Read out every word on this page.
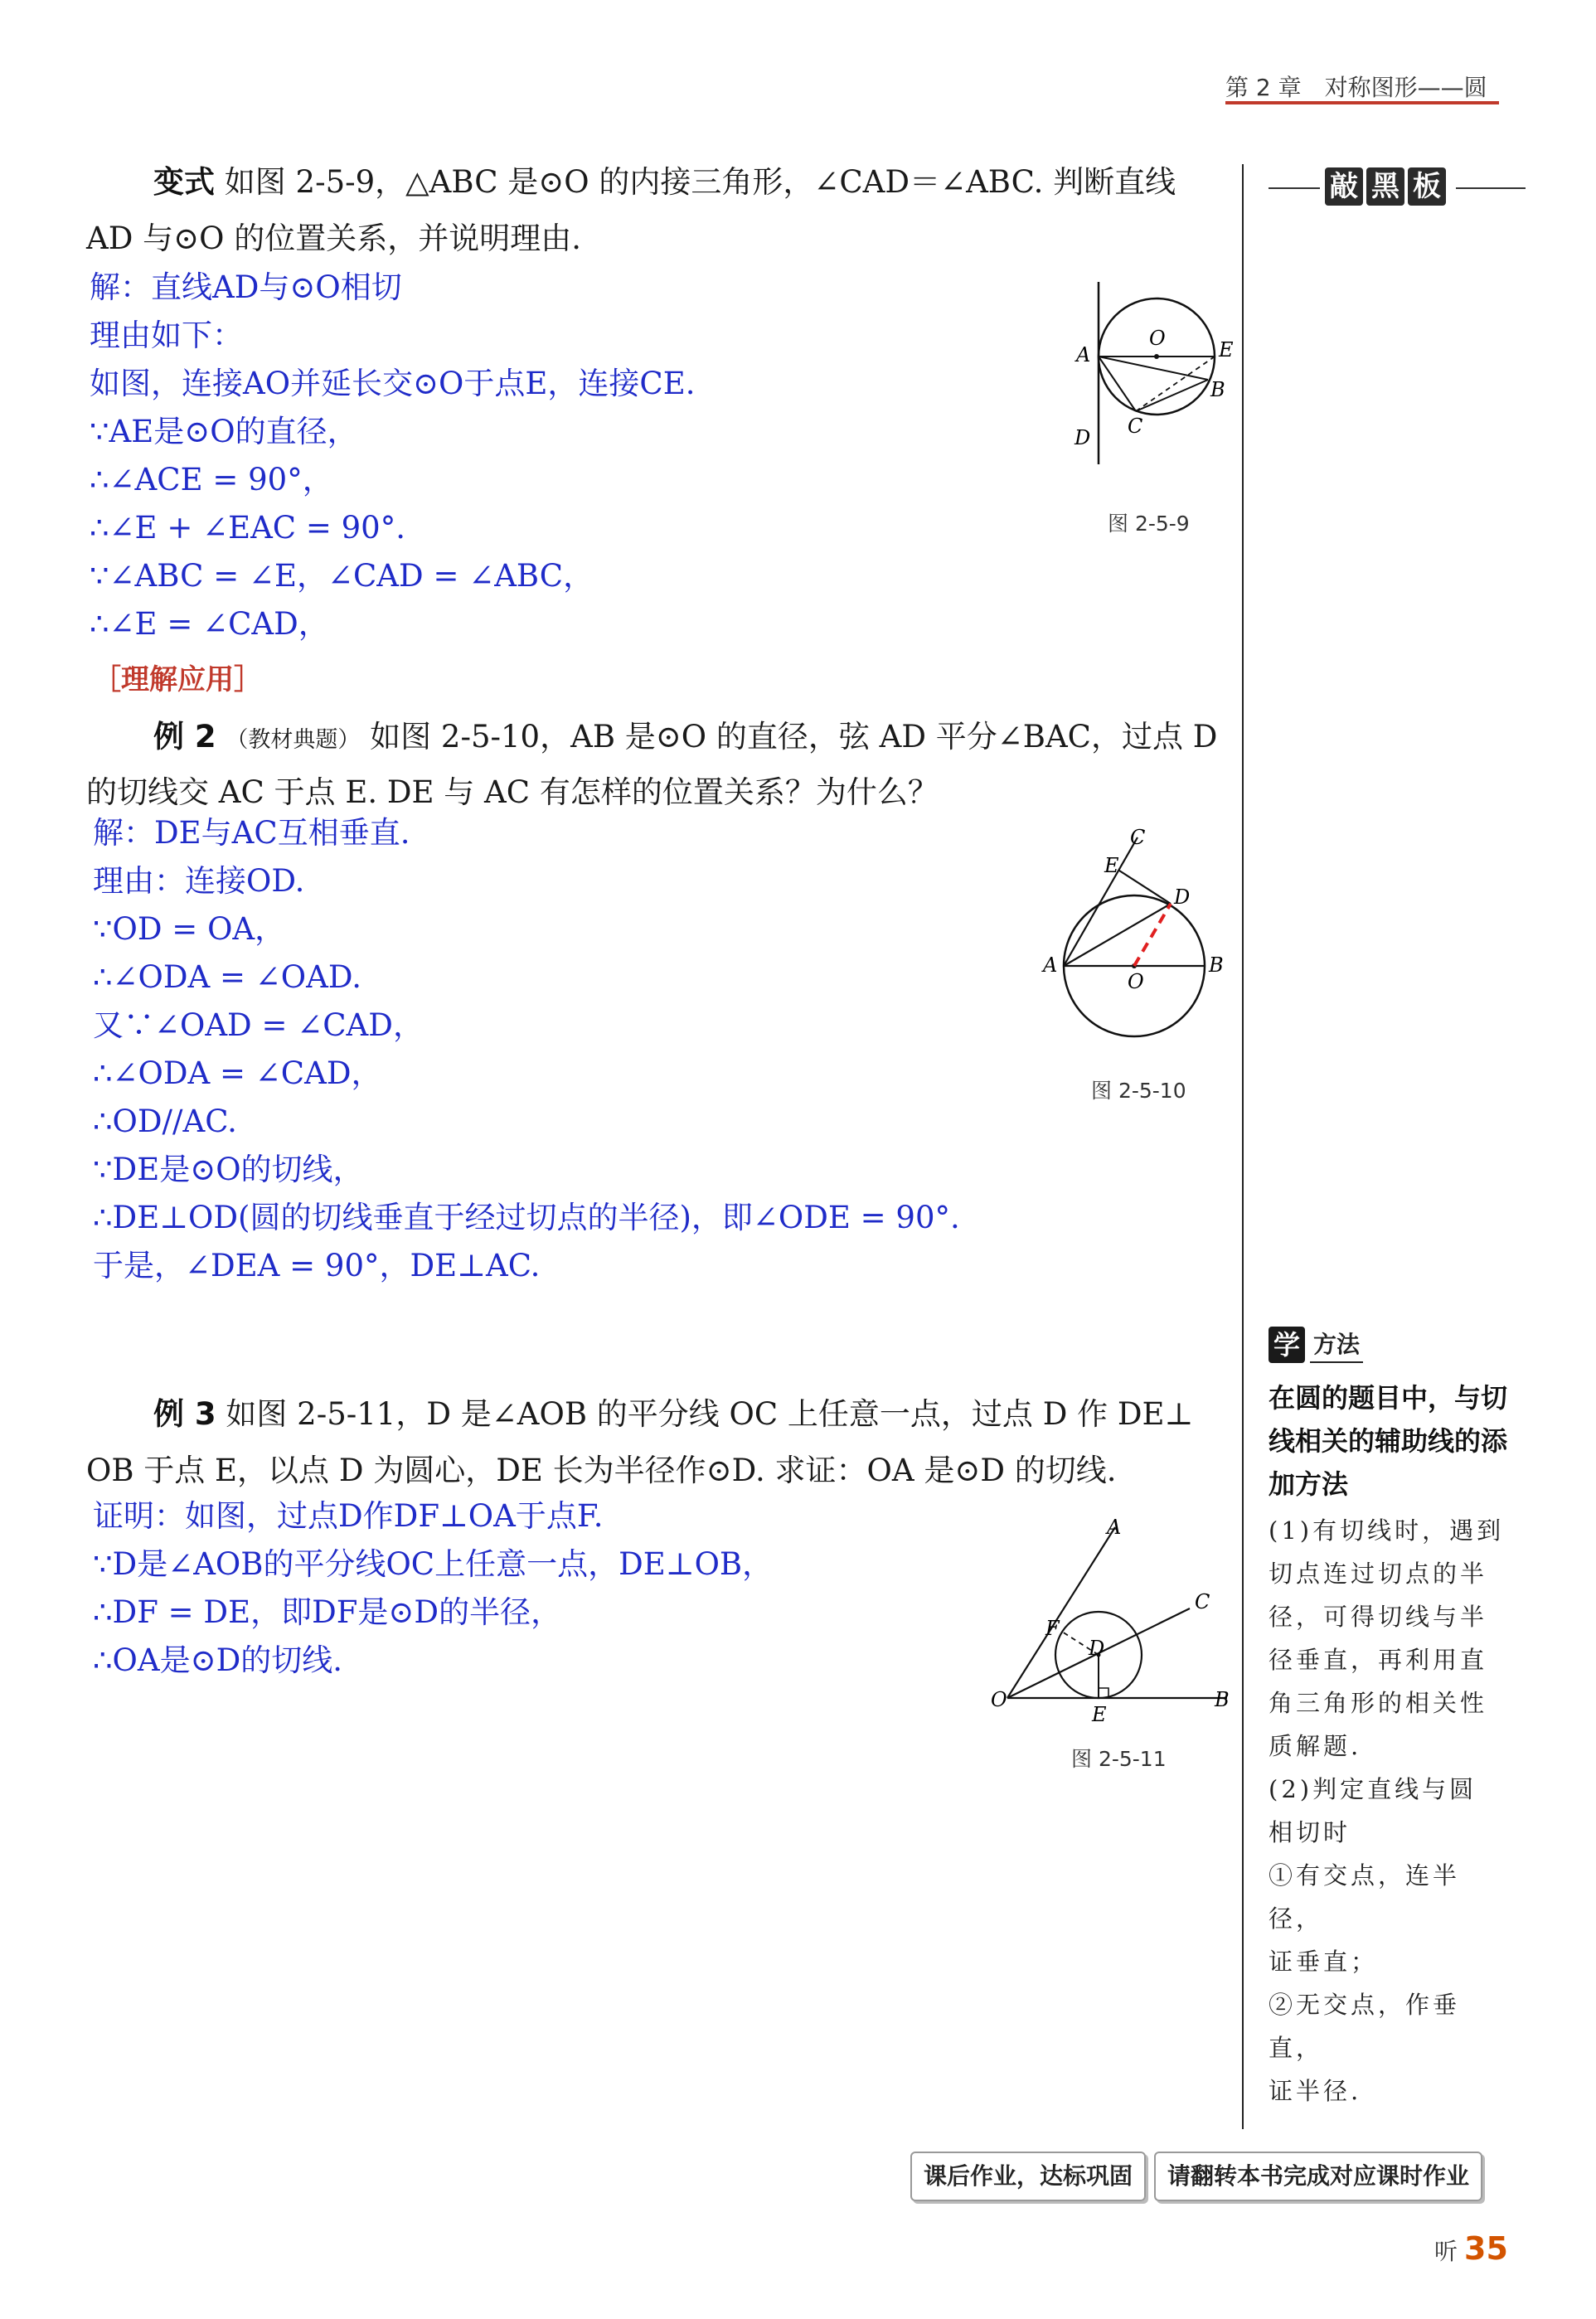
第 2 章　对称图形——圆
敲 黑 板
变式 如图 2-5-9，△ABC 是⊙O 的内接三角形，∠CAD＝∠ABC. 判断直线
AD 与⊙O 的位置关系，并说明理由.
解：直线AD与⊙O相切
理由如下：
如图，连接AO并延长交⊙O于点E，连接CE.
∵AE是⊙O的直径，
∴∠ACE = 90°，
∴∠E + ∠EAC = 90°.
∵∠ABC = ∠E，∠CAD = ∠ABC，
∴∠E = ∠CAD，
A
O	E
B
C
D
图 2-5-9
［理解应用］
例 2 （教材典题） 如图 2-5-10，AB 是⊙O 的直径，弦 AD 平分∠BAC，过点 D
的切线交 AC 于点 E. DE 与 AC 有怎样的位置关系？为什么？
解：DE与AC互相垂直.
理由：连接OD.
∵OD = OA，
∴∠ODA = ∠OAD.
又∵∠OAD = ∠CAD，
∴∠ODA = ∠CAD，
∴OD//AC.
∵DE是⊙O的切线，
∴DE⊥OD(圆的切线垂直于经过切点的半径)，即∠ODE = 90°.
于是，∠DEA = 90°，DE⊥AC.
C
E
D
A
O
B
图 2-5-10
例 3 如图 2-5-11，D 是∠AOB 的平分线 OC 上任意一点，过点 D 作 DE⊥
OB 于点 E，以点 D 为圆心，DE 长为半径作⊙D. 求证：OA 是⊙D 的切线.
证明：如图，过点D作DF⊥OA于点F.
∵D是∠AOB的平分线OC上任意一点，DE⊥OB，
∴DF = DE，即DF是⊙D的半径，
∴OA是⊙D的切线.
A
C
F
D
O
E
B
图 2-5-11
学 方法
在圆的题目中，与切线相关的辅助线的添加方法
(1)有切线时，遇到
切点连过切点的半
径，可得切线与半
径垂直，再利用直
角三角形的相关性
质解题.
(2)判定直线与圆
相切时
①有交点，连半径，
证垂直；
②无交点，作垂直，
证半径.
课后作业，达标巩固	请翻转本书完成对应课时作业
听 35
